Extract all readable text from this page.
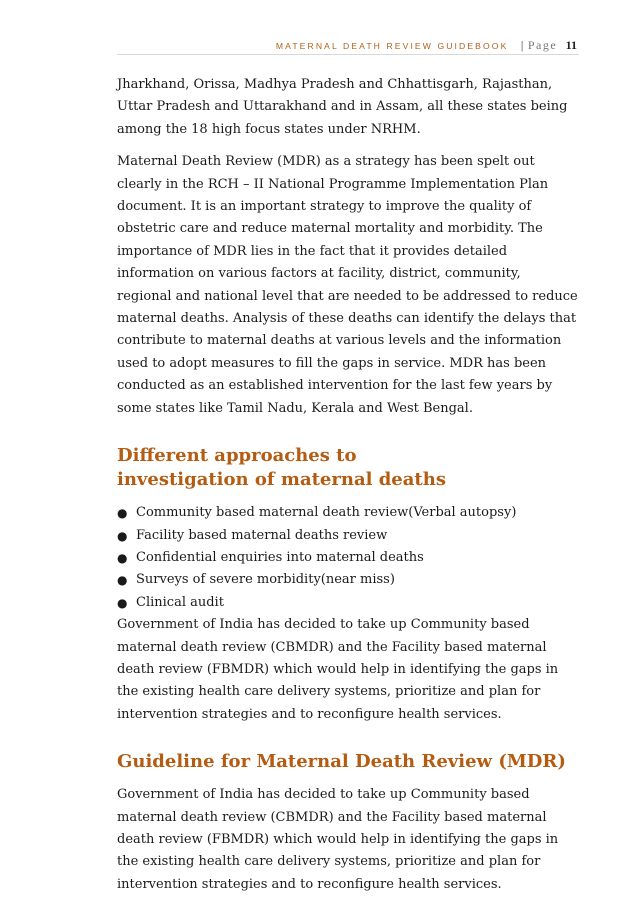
MATERNAL DEATH REVIEW GUIDEBOOK | Page 11

Jharkhand, Orissa, Madhya Pradesh and Chhattisgarh, Rajasthan, Uttar Pradesh and Uttarakhand and in Assam, all these states being among the 18 high focus states under NRHM.

Maternal Death Review (MDR) as a strategy has been spelt out clearly in the RCH – II National Programme Implementation Plan document. It is an important strategy to improve the quality of obstetric care and reduce maternal mortality and morbidity. The importance of MDR lies in the fact that it provides detailed information on various factors at facility, district, community, regional and national level that are needed to be addressed to reduce maternal deaths. Analysis of these deaths can identify the delays that contribute to maternal deaths at various levels and the information used to adopt measures to fill the gaps in service. MDR has been conducted as an established intervention for the last few years by some states like Tamil Nadu, Kerala and West Bengal.

Different approaches to investigation of maternal deaths
● Community based maternal death review(Verbal autopsy)
● Facility based maternal deaths review
● Confidential enquiries into maternal deaths
● Surveys of severe morbidity(near miss)
● Clinical audit

Government of India has decided to take up Community based maternal death review (CBMDR) and the Facility based maternal death review (FBMDR) which would help in identifying the gaps in the existing health care delivery systems, prioritize and plan for intervention strategies and to reconfigure health services.

Guideline for Maternal Death Review (MDR)

Government of India has decided to take up Community based maternal death review (CBMDR) and the Facility based maternal death review (FBMDR) which would help in identifying the gaps in the existing health care delivery systems, prioritize and plan for intervention strategies and to reconfigure health services.
